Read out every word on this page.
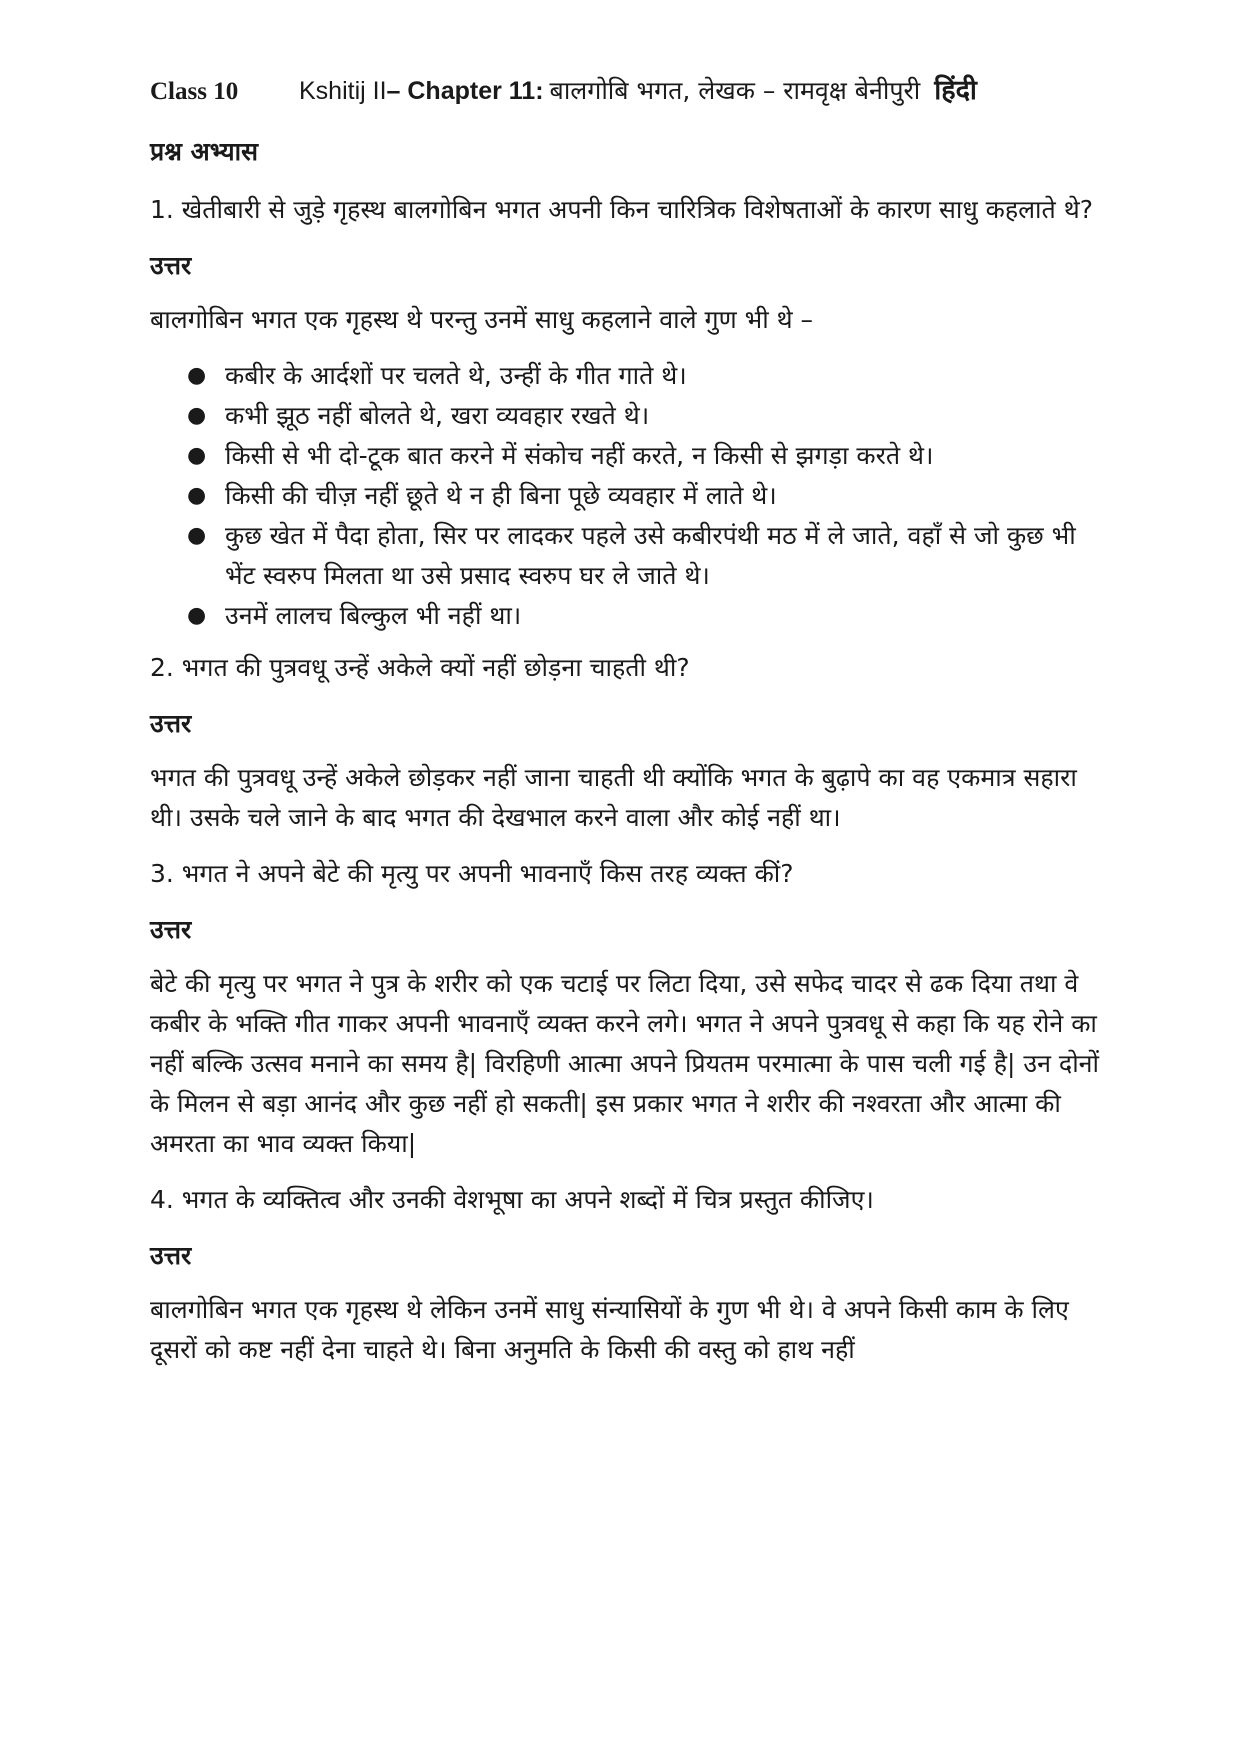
Class 10	Kshitij II – Chapter 11: बालगोबि भगत, लेखक – रामवृक्ष बेनीपुरी हिंदी
प्रश्न अभ्यास
1. खेतीबारी से जुड़े गृहस्थ बालगोबिन भगत अपनी किन चारित्रिक विशेषताओं के कारण साधु कहलाते थे?
उत्तर
बालगोबिन भगत एक गृहस्थ थे परन्तु उनमें साधु कहलाने वाले गुण भी थे –
● कबीर के आर्दशों पर चलते थे, उन्हीं के गीत गाते थे।
● कभी झूठ नहीं बोलते थे, खरा व्यवहार रखते थे।
● किसी से भी दो-टूक बात करने में संकोच नहीं करते, न किसी से झगड़ा करते थे।
● किसी की चीज़ नहीं छूते थे न ही बिना पूछे व्यवहार में लाते थे।
● कुछ खेत में पैदा होता, सिर पर लादकर पहले उसे कबीरपंथी मठ में ले जाते, वहाँ से जो कुछ भी भेंट स्वरुप मिलता था उसे प्रसाद स्वरुप घर ले जाते थे।
● उनमें लालच बिल्कुल भी नहीं था।
2. भगत की पुत्रवधू उन्हें अकेले क्यों नहीं छोड़ना चाहती थी?
उत्तर
भगत की पुत्रवधू उन्हें अकेले छोड़कर नहीं जाना चाहती थी क्योंकि भगत के बुढ़ापे का वह एकमात्र सहारा थी। उसके चले जाने के बाद भगत की देखभाल करने वाला और कोई नहीं था।
3. भगत ने अपने बेटे की मृत्यु पर अपनी भावनाएँ किस तरह व्यक्त कीं?
उत्तर
बेटे की मृत्यु पर भगत ने पुत्र के शरीर को एक चटाई पर लिटा दिया, उसे सफेद चादर से ढक दिया तथा वे कबीर के भक्ति गीत गाकर अपनी भावनाएँ व्यक्त करने लगे। भगत ने अपने पुत्रवधू से कहा कि यह रोने का नहीं बल्कि उत्सव मनाने का समय है| विरहिणी आत्मा अपने प्रियतम परमात्मा के पास चली गई है| उन दोनों के मिलन से बड़ा आनंद और कुछ नहीं हो सकती| इस प्रकार भगत ने शरीर की नश्वरता और आत्मा की अमरता का भाव व्यक्त किया|
4. भगत के व्यक्तित्व और उनकी वेशभूषा का अपने शब्दों में चित्र प्रस्तुत कीजिए।
उत्तर
बालगोबिन भगत एक गृहस्थ थे लेकिन उनमें साधु संन्यासियों के गुण भी थे। वे अपने किसी काम के लिए दूसरों को कष्ट नहीं देना चाहते थे। बिना अनुमति के किसी की वस्तु को हाथ नहीं
